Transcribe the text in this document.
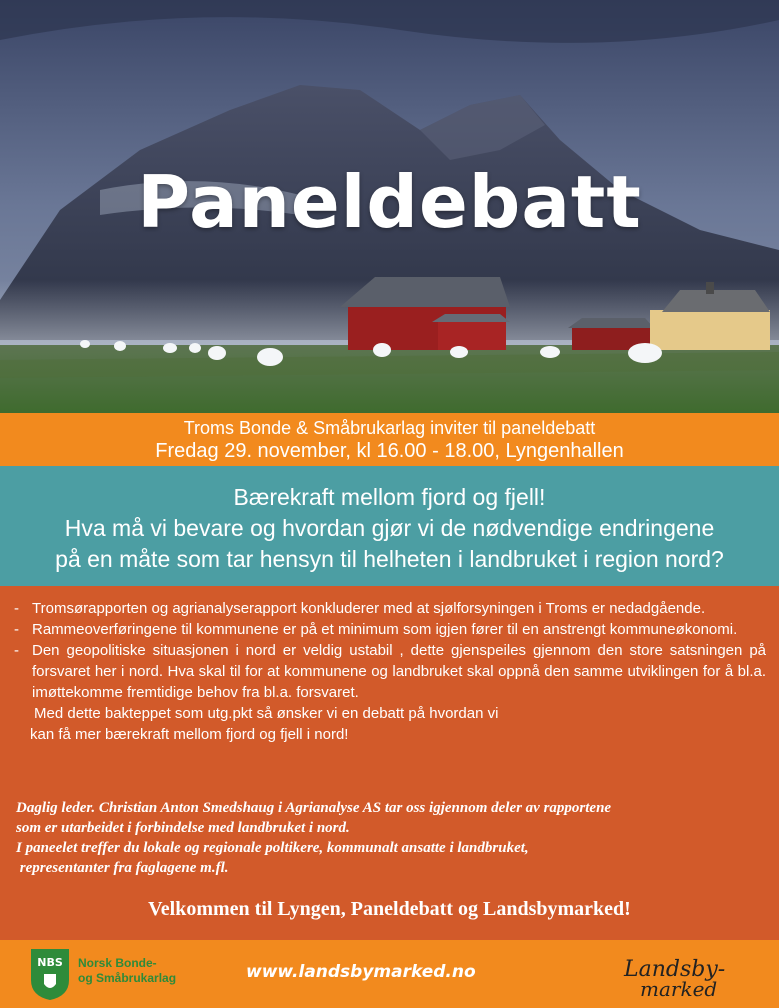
Paneldebatt
Troms Bonde & Småbrukarlag inviter til paneldebatt
Fredag 29. november, kl 16.00 - 18.00, Lyngenhallen
Bærekraft mellom fjord og fjell!
Hva må vi bevare og hvordan gjør vi de nødvendige endringene
på en måte som tar hensyn til helheten i landbruket i region nord?

- Tromsørapporten og agrianalyserapport konkluderer med at sjølforsyningen i Troms er nedadgående.

- Rammeoverføringene til kommunene er på et minimum som igjen fører til en anstrengt kommuneøkonomi.

- Den geopolitiske situasjonen i nord er veldig ustabil , dette gjenspeiles gjennom den store satsningen på forsvaret her i nord. Hva skal til for at kommunene og landbruket skal oppnå den samme utviklingen for å bl.a. imøttekomme fremtidige behov fra bl.a. forsvaret.

Med dette bakteppet som utg.pkt så ønsker vi en debatt på hvordan vi
kan få mer bærekraft mellom fjord og fjell i nord!
Daglig leder. Christian Anton Smedshaug i Agrianalyse AS tar oss igjennom deler av rapportene
som er utarbeidet i forbindelse med landbruket i nord.
I paneelet treffer du lokale og regionale poltikere, kommunalt ansatte i landbruket,
representanter fra faglagene m.fl.
Velkommen til Lyngen, Paneldebatt og Landsbymarked!
NBS Norsk Bonde-
og Småbrukarlag	www.landsbymarked.no	Landsby-
marked
